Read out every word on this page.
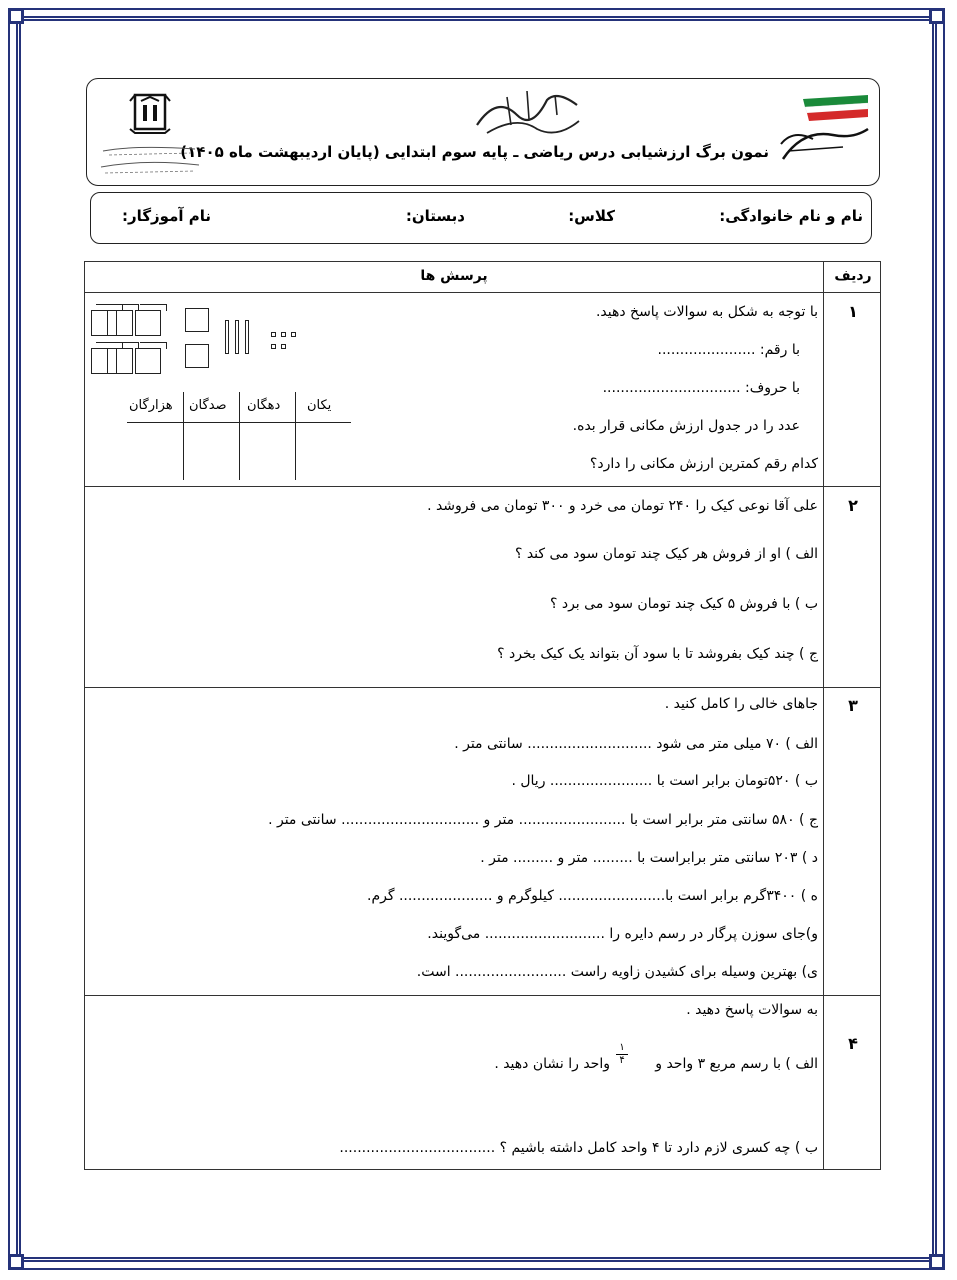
نمون برگ ارزشیابی درس ریاضی ـ پایه سوم ابتدایی (پایان اردیبهشت ماه ۱۴۰۵)
نام و نام خانوادگی:
کلاس:
دبستان:
نام آموزگار:
ردیف
پرسش ها
۱
با توجه به شکل به سوالات پاسخ دهید.
با رقم: ......................
با حروف: ...............................
عدد را در جدول ارزش مکانی قرار بده.
کدام رقم کمترین ارزش مکانی را دارد؟
یکان
دهگان
صدگان
هزارگان
۲
علی آقا نوعی کیک را ۲۴۰ تومان می خرد و ۳۰۰ تومان می فروشد .
الف ) او از فروش هر کیک چند تومان سود می کند ؟
ب ) با فروش ۵ کیک چند تومان سود می برد ؟
ج ) چند کیک بفروشد تا با سود آن بتواند یک کیک بخرد ؟
۳
جاهای خالی را کامل کنید .
الف ) ۷۰ میلی متر می شود ............................ سانتی متر .
ب ) ۵۲۰تومان برابر است با ....................... ریال .
ج ) ۵۸۰ سانتی متر برابر است با ........................ متر و ............................... سانتی متر .
د ) ۲۰۳ سانتی متر برابراست با ......... متر و ......... متر .
ه ) ۳۴۰۰گرم برابر است با........................ کیلوگرم و ..................... گرم.
و)جای سوزن پرگار در رسم دایره را ........................... می‌گویند.
ی) بهترین وسیله برای کشیدن زاویه راست ......................... است.
۴
به سوالات پاسخ دهید .
الف ) با رسم مربع ۳ واحد و
۱
۴
واحد را نشان دهید .
ب ) چه کسری لازم دارد تا ۴ واحد کامل داشته باشیم ؟ ...................................
